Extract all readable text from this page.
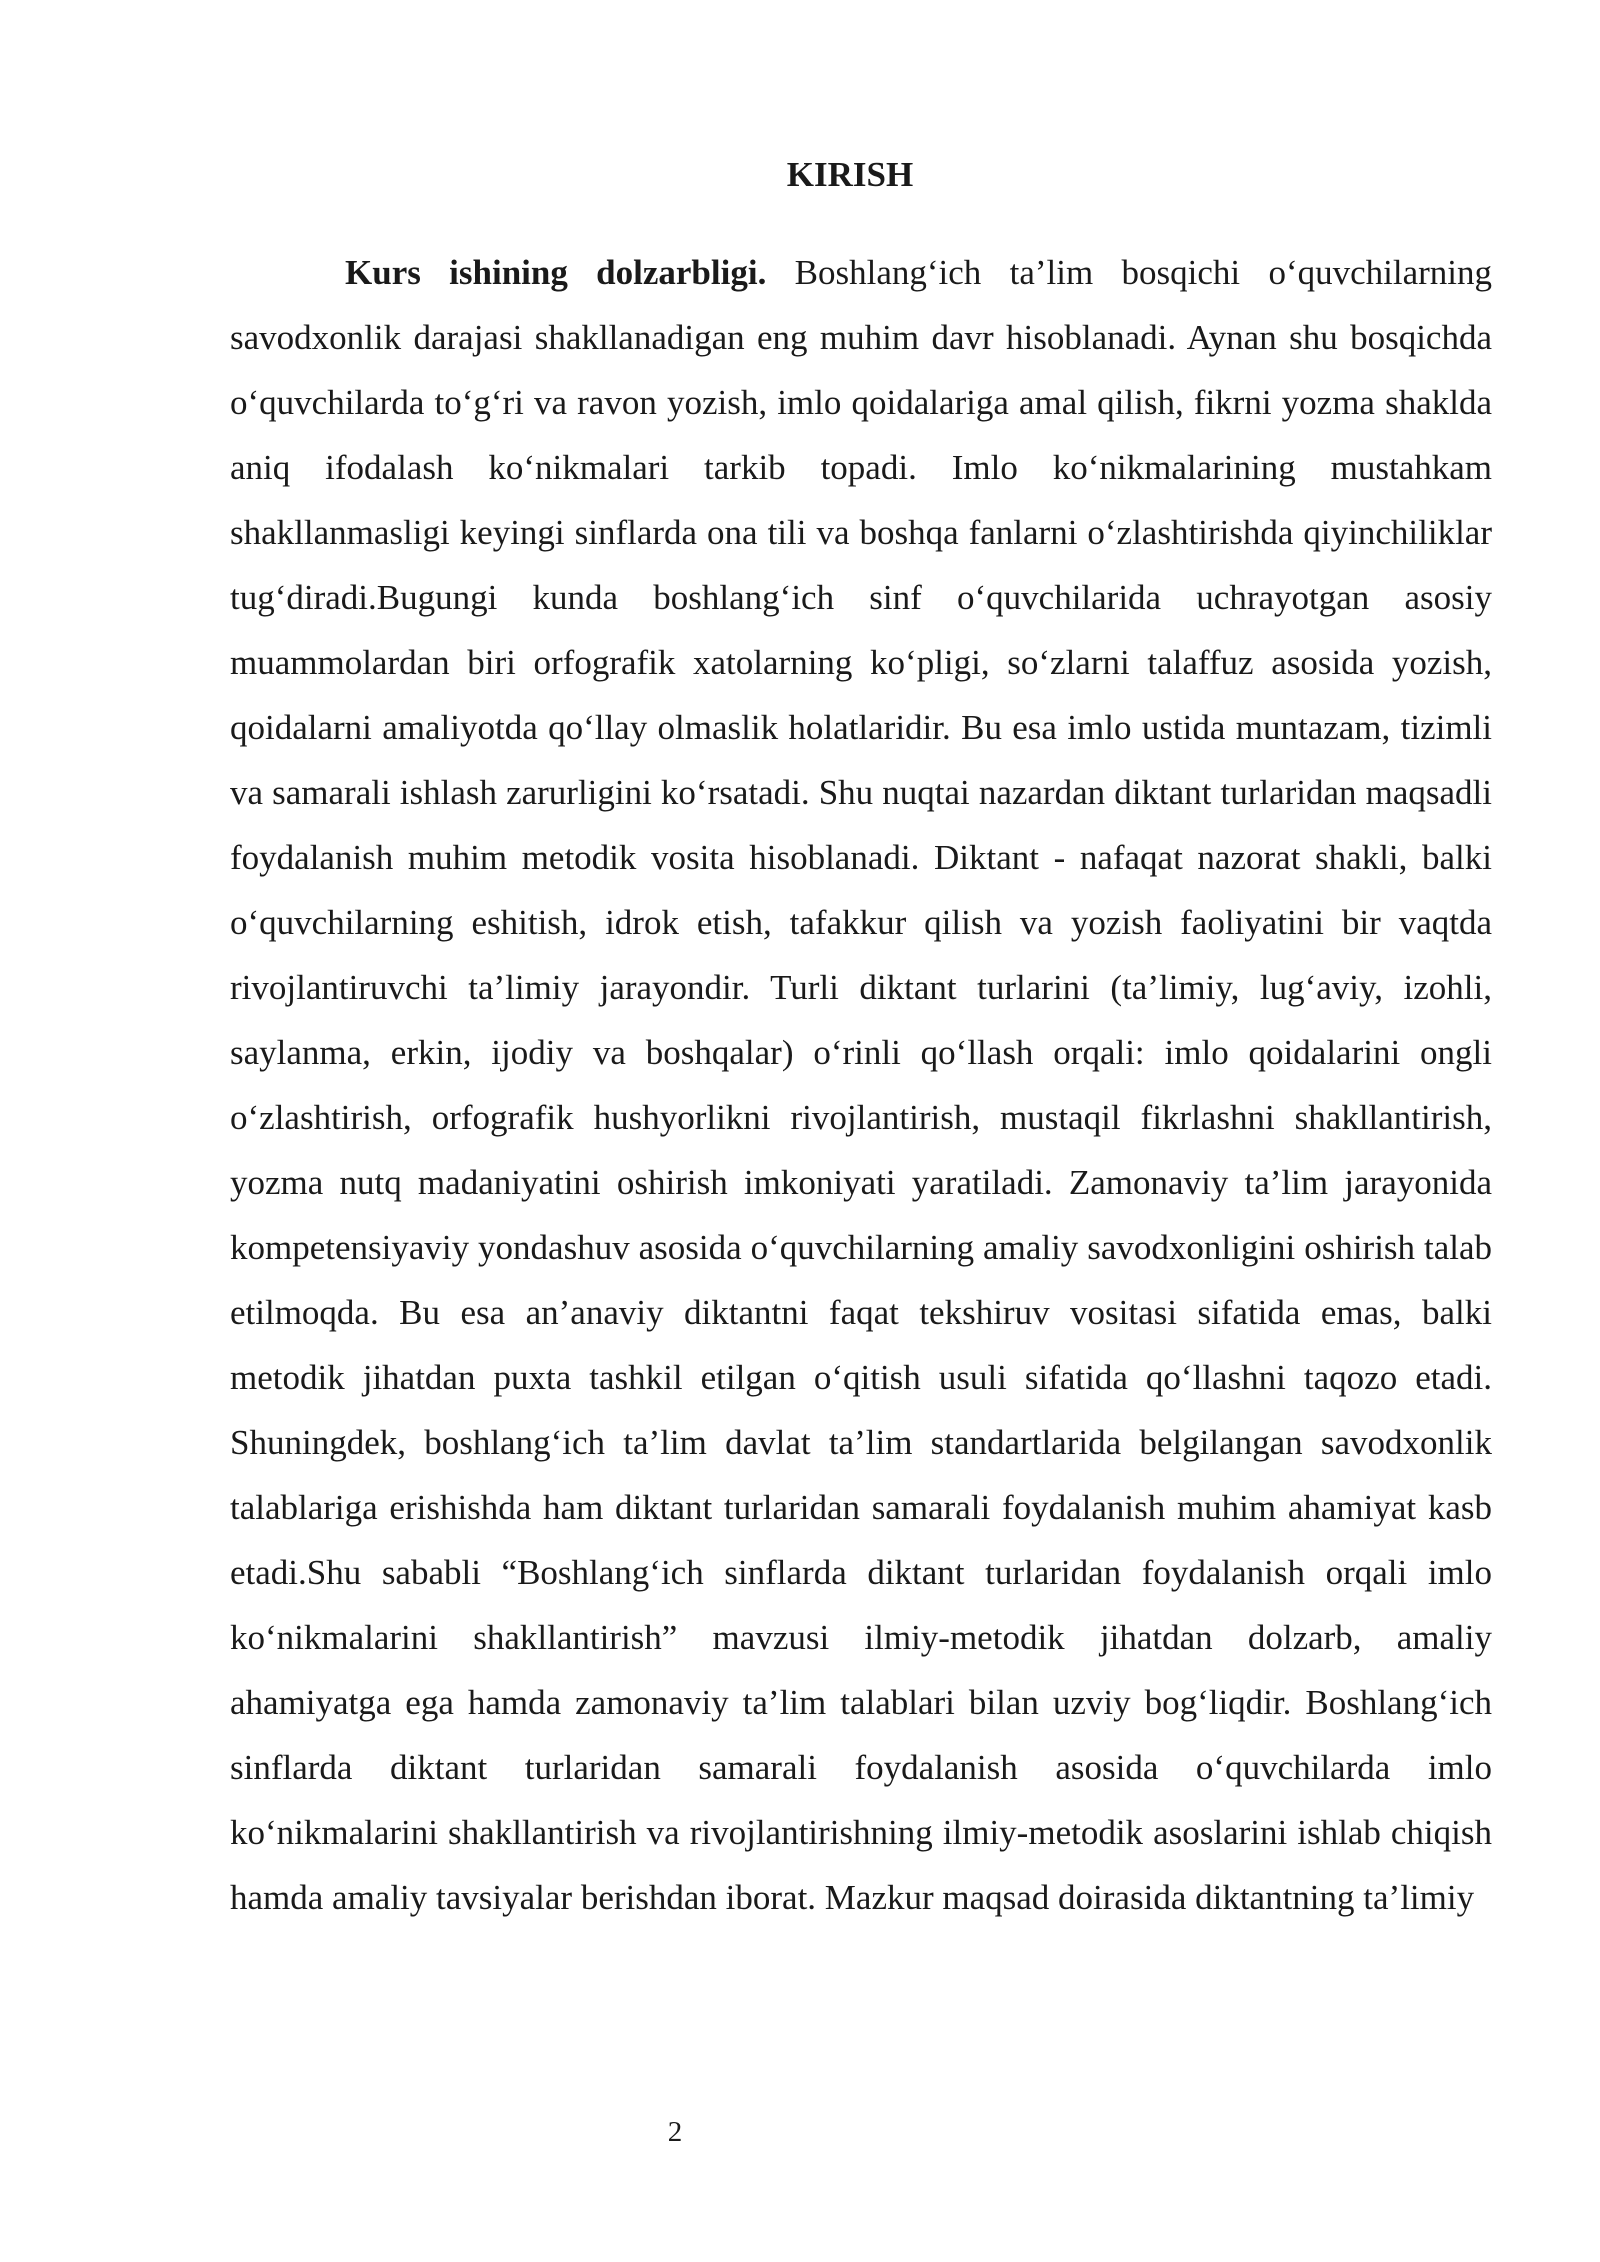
KIRISH

Kurs ishining dolzarbligi. Boshlang‘ich ta’lim bosqichi o‘quvchilarning savodxonlik darajasi shakllanadigan eng muhim davr hisoblanadi. Aynan shu bosqichda o‘quvchilarda to‘g‘ri va ravon yozish, imlo qoidalariga amal qilish, fikrni yozma shaklda aniq ifodalash ko‘nikmalari tarkib topadi. Imlo ko‘nikmalarining mustahkam shakllanmasligi keyingi sinflarda ona tili va boshqa fanlarni o‘zlashtirishda qiyinchiliklar tug‘diradi.Bugungi kunda boshlang‘ich sinf o‘quvchilarida uchrayotgan asosiy muammolardan biri orfografik xatolarning ko‘pligi, so‘zlarni talaffuz asosida yozish, qoidalarni amaliyotda qo‘llay olmaslik holatlaridir. Bu esa imlo ustida muntazam, tizimli va samarali ishlash zarurligini ko‘rsatadi. Shu nuqtai nazardan diktant turlaridan maqsadli foydalanish muhim metodik vosita hisoblanadi. Diktant - nafaqat nazorat shakli, balki o‘quvchilarning eshitish, idrok etish, tafakkur qilish va yozish faoliyatini bir vaqtda rivojlantiruvchi ta’limiy jarayondir. Turli diktant turlarini (ta’limiy, lug‘aviy, izohli, saylanma, erkin, ijodiy va boshqalar) o‘rinli qo‘llash orqali: imlo qoidalarini ongli o‘zlashtirish, orfografik hushyorlikni rivojlantirish, mustaqil fikrlashni shakllantirish, yozma nutq madaniyatini oshirish imkoniyati yaratiladi. Zamonaviy ta’lim jarayonida kompetensiyaviy yondashuv asosida o‘quvchilarning amaliy savodxonligini oshirish talab etilmoqda. Bu esa an’anaviy diktantni faqat tekshiruv vositasi sifatida emas, balki metodik jihatdan puxta tashkil etilgan o‘qitish usuli sifatida qo‘llashni taqozo etadi. Shuningdek, boshlang‘ich ta’lim davlat ta’lim standartlarida belgilangan savodxonlik talablariga erishishda ham diktant turlaridan samarali foydalanish muhim ahamiyat kasb etadi.Shu sababli “Boshlang‘ich sinflarda diktant turlaridan foydalanish orqali imlo ko‘nikmalarini shakllantirish” mavzusi ilmiy-metodik jihatdan dolzarb, amaliy ahamiyatga ega hamda zamonaviy ta’lim talablari bilan uzviy bog‘liqdir. Boshlang‘ich sinflarda diktant turlaridan samarali foydalanish asosida o‘quvchilarda imlo ko‘nikmalarini shakllantirish va rivojlantirishning ilmiy-metodik asoslarini ishlab chiqish hamda amaliy tavsiyalar berishdan iborat. Mazkur maqsad doirasida diktantning ta’limiy

2
